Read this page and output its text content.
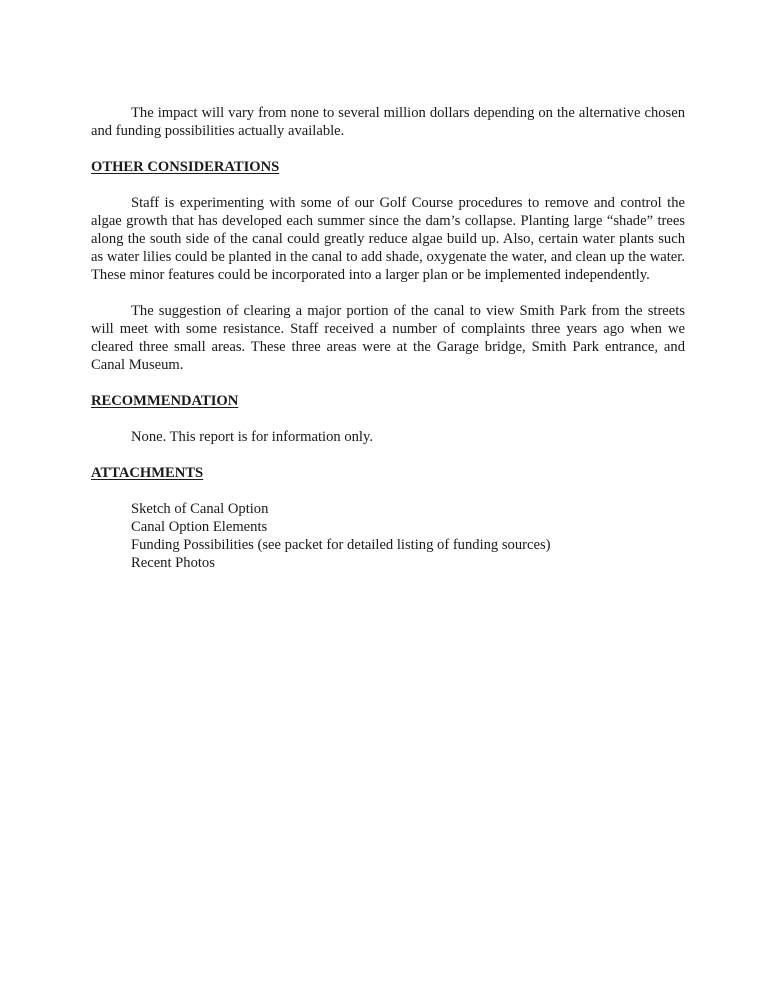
The impact will vary from none to several million dollars depending on the alternative chosen and funding possibilities actually available.

OTHER CONSIDERATIONS

Staff is experimenting with some of our Golf Course procedures to remove and control the algae growth that has developed each summer since the dam’s collapse. Planting large “shade” trees along the south side of the canal could greatly reduce algae build up. Also, certain water plants such as water lilies could be planted in the canal to add shade, oxygenate the water, and clean up the water. These minor features could be incorporated into a larger plan or be implemented independently.

The suggestion of clearing a major portion of the canal to view Smith Park from the streets will meet with some resistance. Staff received a number of complaints three years ago when we cleared three small areas. These three areas were at the Garage bridge, Smith Park entrance, and Canal Museum.

RECOMMENDATION

None. This report is for information only.

ATTACHMENTS
Sketch of Canal Option
Canal Option Elements
Funding Possibilities (see packet for detailed listing of funding sources)
Recent Photos
